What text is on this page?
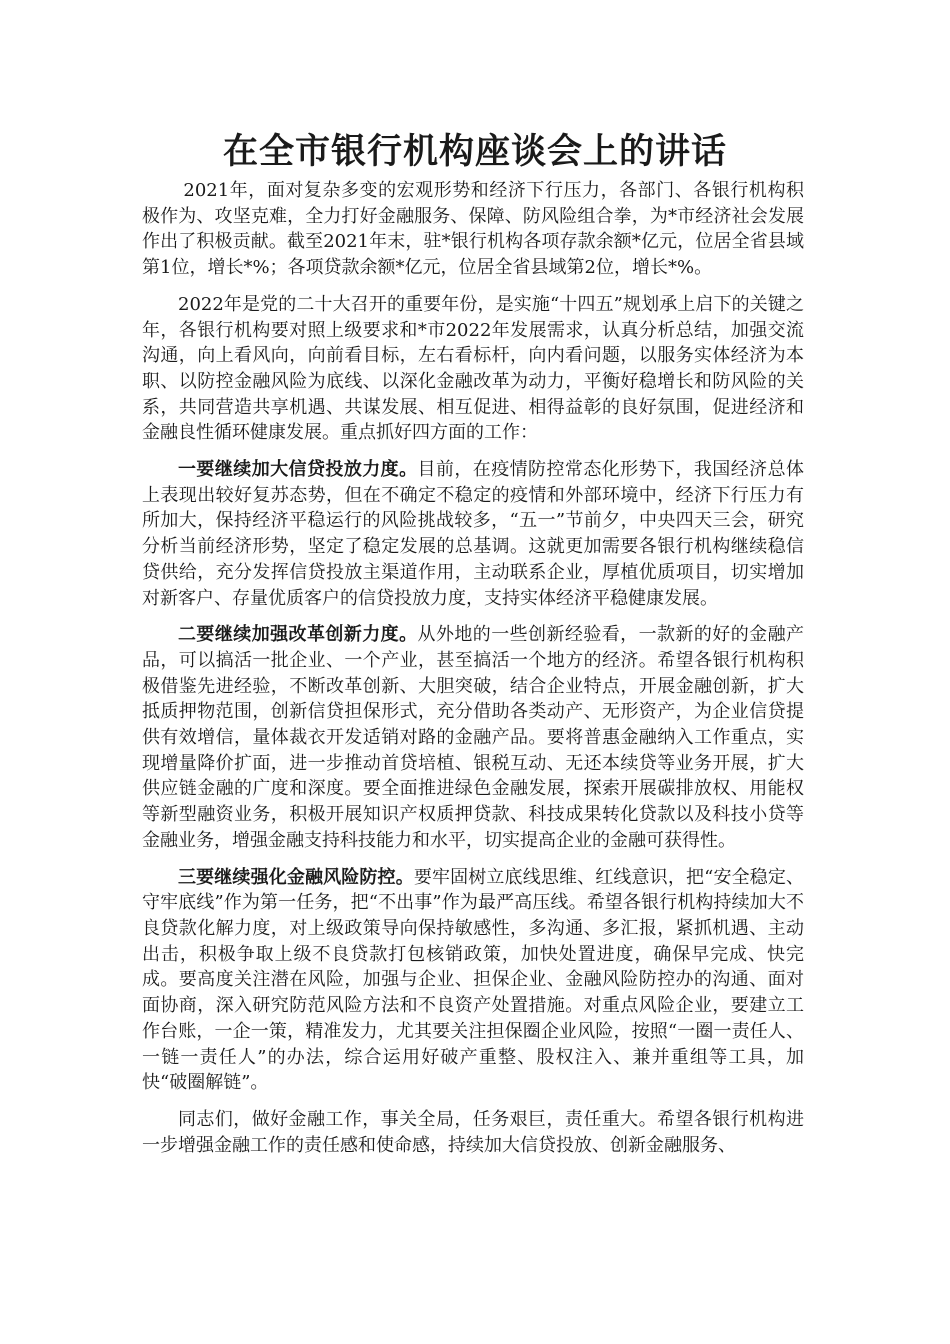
在全市银行机构座谈会上的讲话

2021年，面对复杂多变的宏观形势和经济下行压力，各部门、各银行机构积极作为、攻坚克难，全力打好金融服务、保障、防风险组合拳，为*市经济社会发展作出了积极贡献。截至2021年末，驻*银行机构各项存款余额*亿元，位居全省县域第1位，增长*%；各项贷款余额*亿元，位居全省县域第2位，增长*%。

2022年是党的二十大召开的重要年份，是实施“十四五”规划承上启下的关键之年，各银行机构要对照上级要求和*市2022年发展需求，认真分析总结，加强交流沟通，向上看风向，向前看目标，左右看标杆，向内看问题，以服务实体经济为本职、以防控金融风险为底线、以深化金融改革为动力，平衡好稳增长和防风险的关系，共同营造共享机遇、共谋发展、相互促进、相得益彰的良好氛围，促进经济和金融良性循环健康发展。重点抓好四方面的工作：

一要继续加大信贷投放力度。目前，在疫情防控常态化形势下，我国经济总体上表现出较好复苏态势，但在不确定不稳定的疫情和外部环境中，经济下行压力有所加大，保持经济平稳运行的风险挑战较多，“五一”节前夕，中央四天三会，研究分析当前经济形势，坚定了稳定发展的总基调。这就更加需要各银行机构继续稳信贷供给，充分发挥信贷投放主渠道作用，主动联系企业，厚植优质项目，切实增加对新客户、存量优质客户的信贷投放力度，支持实体经济平稳健康发展。

二要继续加强改革创新力度。从外地的一些创新经验看，一款新的好的金融产品，可以搞活一批企业、一个产业，甚至搞活一个地方的经济。希望各银行机构积极借鉴先进经验，不断改革创新、大胆突破，结合企业特点，开展金融创新，扩大抵质押物范围，创新信贷担保形式，充分借助各类动产、无形资产，为企业信贷提供有效增信，量体裁衣开发适销对路的金融产品。要将普惠金融纳入工作重点，实现增量降价扩面，进一步推动首贷培植、银税互动、无还本续贷等业务开展，扩大供应链金融的广度和深度。要全面推进绿色金融发展，探索开展碳排放权、用能权等新型融资业务，积极开展知识产权质押贷款、科技成果转化贷款以及科技小贷等金融业务，增强金融支持科技能力和水平，切实提高企业的金融可获得性。

三要继续强化金融风险防控。要牢固树立底线思维、红线意识，把“安全稳定、守牢底线”作为第一任务，把“不出事”作为最严高压线。希望各银行机构持续加大不良贷款化解力度，对上级政策导向保持敏感性，多沟通、多汇报，紧抓机遇、主动出击，积极争取上级不良贷款打包核销政策，加快处置进度，确保早完成、快完成。要高度关注潜在风险，加强与企业、担保企业、金融风险防控办的沟通、面对面协商，深入研究防范风险方法和不良资产处置措施。对重点风险企业，要建立工作台账，一企一策，精准发力，尤其要关注担保圈企业风险，按照“一圈一责任人、一链一责任人”的办法，综合运用好破产重整、股权注入、兼并重组等工具，加快“破圈解链”。

同志们，做好金融工作，事关全局，任务艰巨，责任重大。希望各银行机构进一步增强金融工作的责任感和使命感，持续加大信贷投放、创新金融服务、
